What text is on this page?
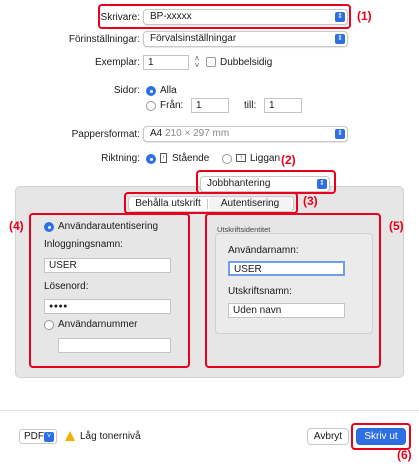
Skrivare:	BP-xxxxx	⇕ (1)
Förinställningar:	Förvalsinställningar	⇕
Exemplar: 1	˄
˅ Dubbelsidig
Sidor: Alla
Från:	1	till:	1
Pappersformat:	A4 210 × 297 mm	⇕
Riktning:	↑ Stående	↑ Liggan (2)
Jobbhantering	⇕
Behålla utskrift	Autentisering	(3)
(4)	Användarautentisering
Inloggningsnamn:
USER
Lösenord:
●●●●
Användarnummer
(5)
Utskriftsidentitet
Användarnamn:
USER
Utskriftsnamn:
Uden navn
PDF ˅	Låg tonernivå	Avbryt	Skriv ut
(6)
